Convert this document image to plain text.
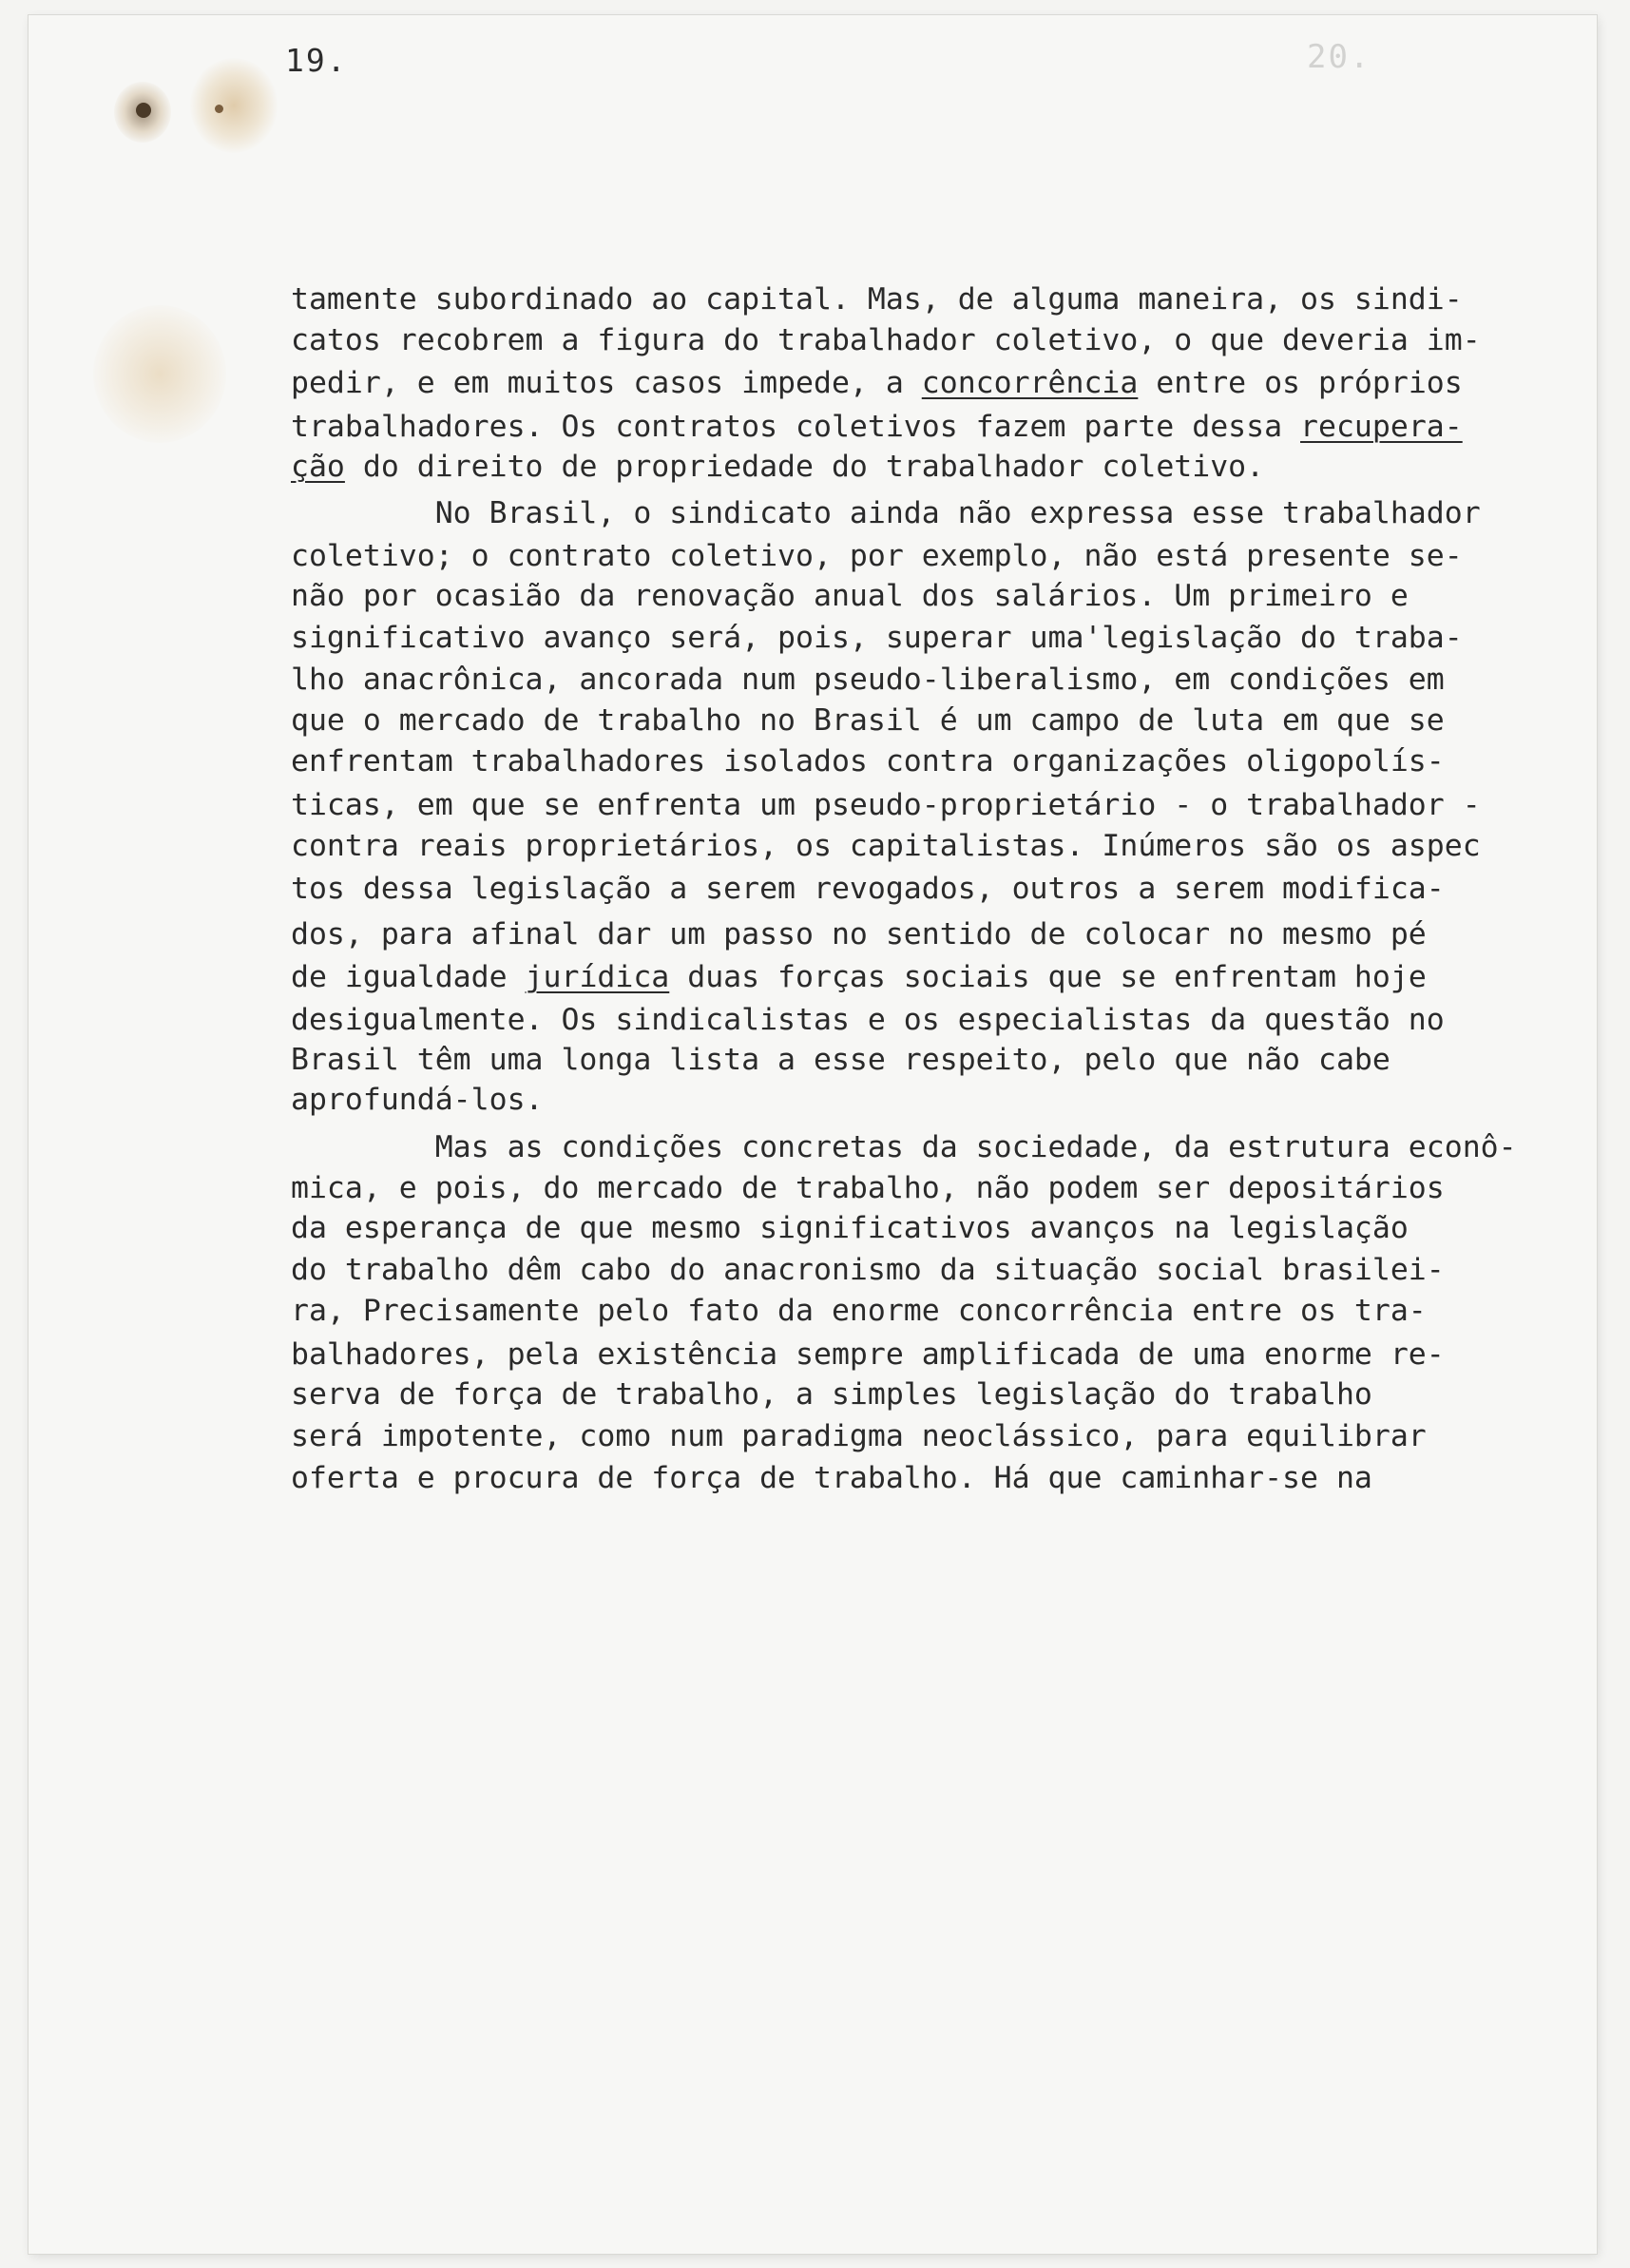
20.
19.
tamente subordinado ao capital. Mas, de alguma maneira, os sindi-
catos recobrem a figura do trabalhador coletivo, o que deveria im-
pedir, e em muitos casos impede, a concorrência entre os próprios
trabalhadores. Os contratos coletivos fazem parte dessa recupera-
ção do direito de propriedade do trabalhador coletivo.
No Brasil, o sindicato ainda não expressa esse trabalhador
coletivo; o contrato coletivo, por exemplo, não está presente se-
não por ocasião da renovação anual dos salários. Um primeiro e
significativo avanço será, pois, superar uma'legislação do traba-
lho anacrônica, ancorada num pseudo-liberalismo, em condições em
que o mercado de trabalho no Brasil é um campo de luta em que se
enfrentam trabalhadores isolados contra organizações oligopolís-
ticas, em que se enfrenta um pseudo-proprietário - o trabalhador -
contra reais proprietários, os capitalistas. Inúmeros são os aspec
tos dessa legislação a serem revogados, outros a serem modifica-
dos, para afinal dar um passo no sentido de colocar no mesmo pé
de igualdade jurídica duas forças sociais que se enfrentam hoje
desigualmente. Os sindicalistas e os especialistas da questão no
Brasil têm uma longa lista a esse respeito, pelo que não cabe
aprofundá-los.
Mas as condições concretas da sociedade, da estrutura econô-
mica, e pois, do mercado de trabalho, não podem ser depositários
da esperança de que mesmo significativos avanços na legislação
do trabalho dêm cabo do anacronismo da situação social brasilei-
ra, Precisamente pelo fato da enorme concorrência entre os tra-
balhadores, pela existência sempre amplificada de uma enorme re-
serva de força de trabalho, a simples legislação do trabalho
será impotente, como num paradigma neoclássico, para equilibrar
oferta e procura de força de trabalho. Há que caminhar-se na
